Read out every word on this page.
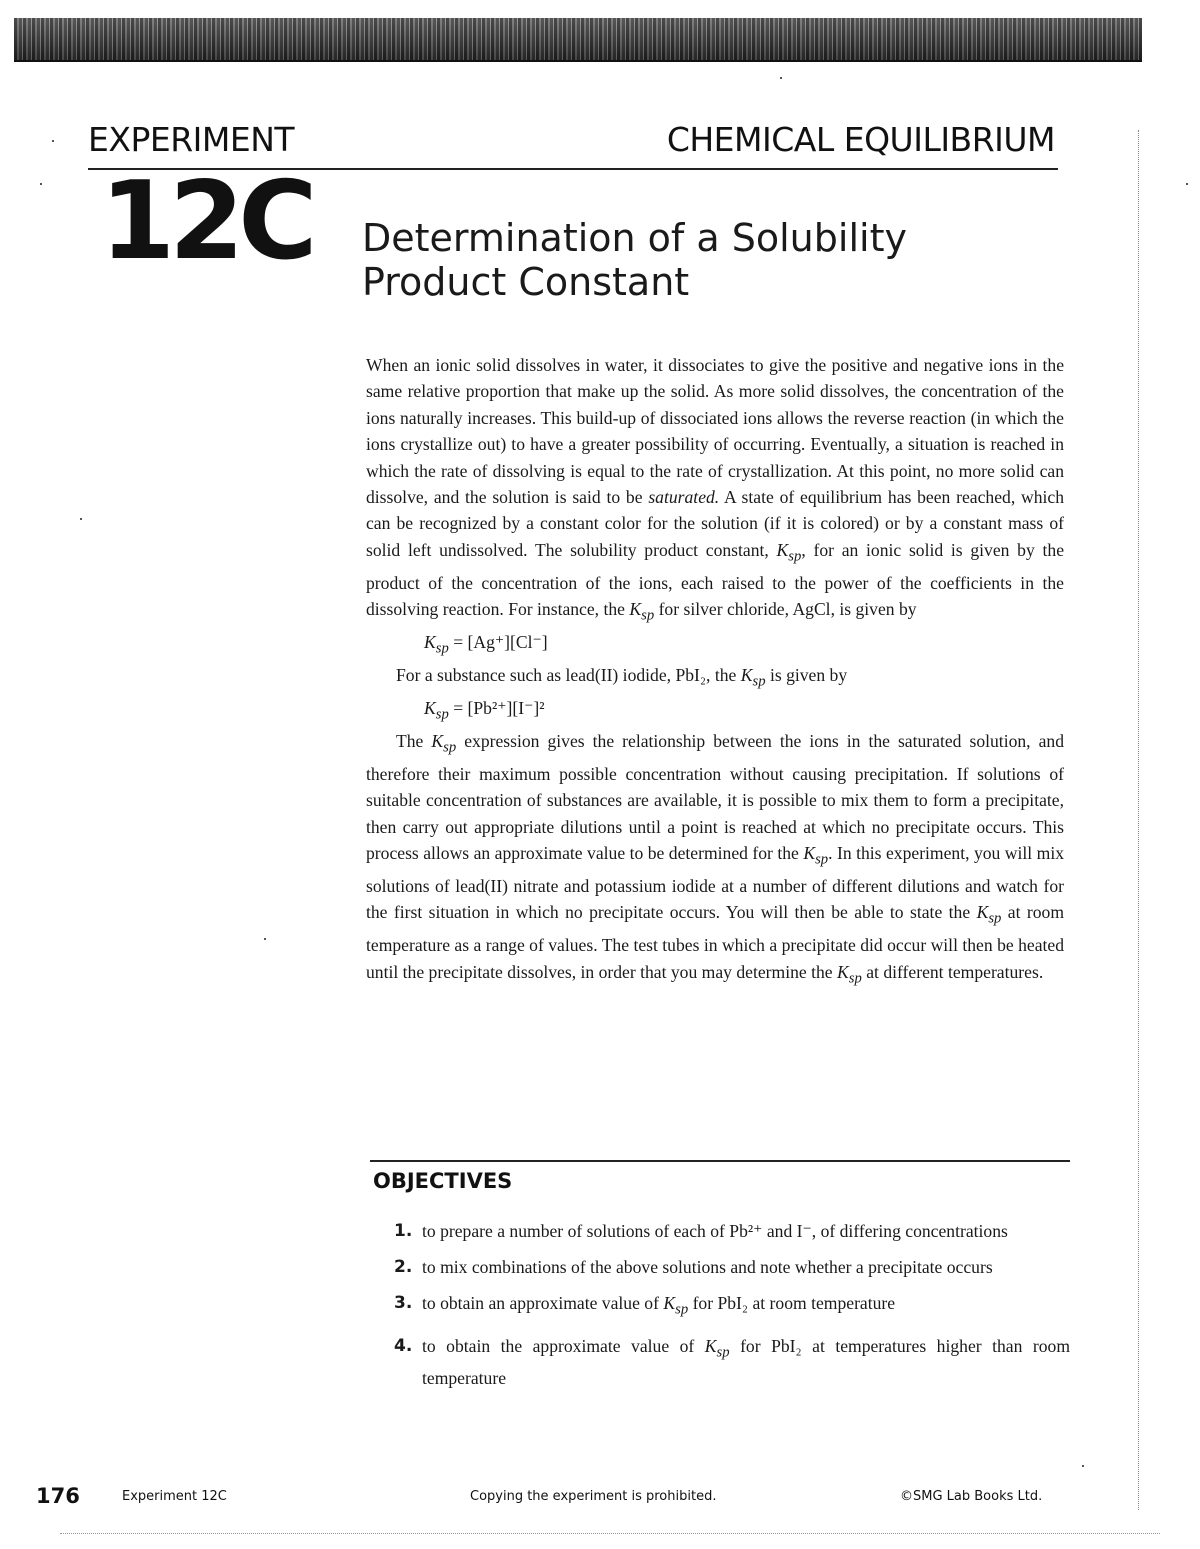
EXPERIMENT	CHEMICAL EQUILIBRIUM
12C Determination of a Solubility
Product Constant

When an ionic solid dissolves in water, it dissociates to give the positive and negative ions in the same relative proportion that make up the solid. As more solid dissolves, the concentration of the ions naturally increases. This build-up of dissociated ions allows the reverse reaction (in which the ions crystallize out) to have a greater possibility of occurring. Eventually, a situation is reached in which the rate of dissolving is equal to the rate of crystallization. At this point, no more solid can dissolve, and the solution is said to be saturated. A state of equilibrium has been reached, which can be recognized by a constant color for the solution (if it is colored) or by a constant mass of solid left undissolved. The solubility product constant, $K_{sp}$, for an ionic solid is given by the product of the concentration of the ions, each raised to the power of the coefficients in the dissolving reaction. For instance, the $K_{sp}$ for silver chloride, AgCl, is given by

$K_{sp} = [Ag^+][Cl^-]$

For a substance such as lead(II) iodide, PbI₂, the $K_{sp}$ is given by

$K_{sp} = [Pb^{2+}][I^-]^2$

The $K_{sp}$ expression gives the relationship between the ions in the saturated solution, and therefore their maximum possible concentration without causing precipitation. If solutions of suitable concentration of substances are available, it is possible to mix them to form a precipitate, then carry out appropriate dilutions until a point is reached at which no precipitate occurs. This process allows an approximate value to be determined for the $K_{sp}$. In this experiment, you will mix solutions of lead(II) nitrate and potassium iodide at a number of different dilutions and watch for the first situation in which no precipitate occurs. You will then be able to state the $K_{sp}$ at room temperature as a range of values. The test tubes in which a precipitate did occur will then be heated until the precipitate dissolves, in order that you may determine the $K_{sp}$ at different temperatures.

OBJECTIVES
1. to prepare a number of solutions of each of Pb²⁺ and I⁻, of differing concentrations
2. to mix combinations of the above solutions and note whether a precipitate occurs
3. to obtain an approximate value of $K_{sp}$ for PbI₂ at room temperature
4. to obtain the approximate value of $K_{sp}$ for PbI₂ at temperatures higher than room temperature
176	Experiment 12C	Copying the experiment is prohibited.	©SMG Lab Books Ltd.
